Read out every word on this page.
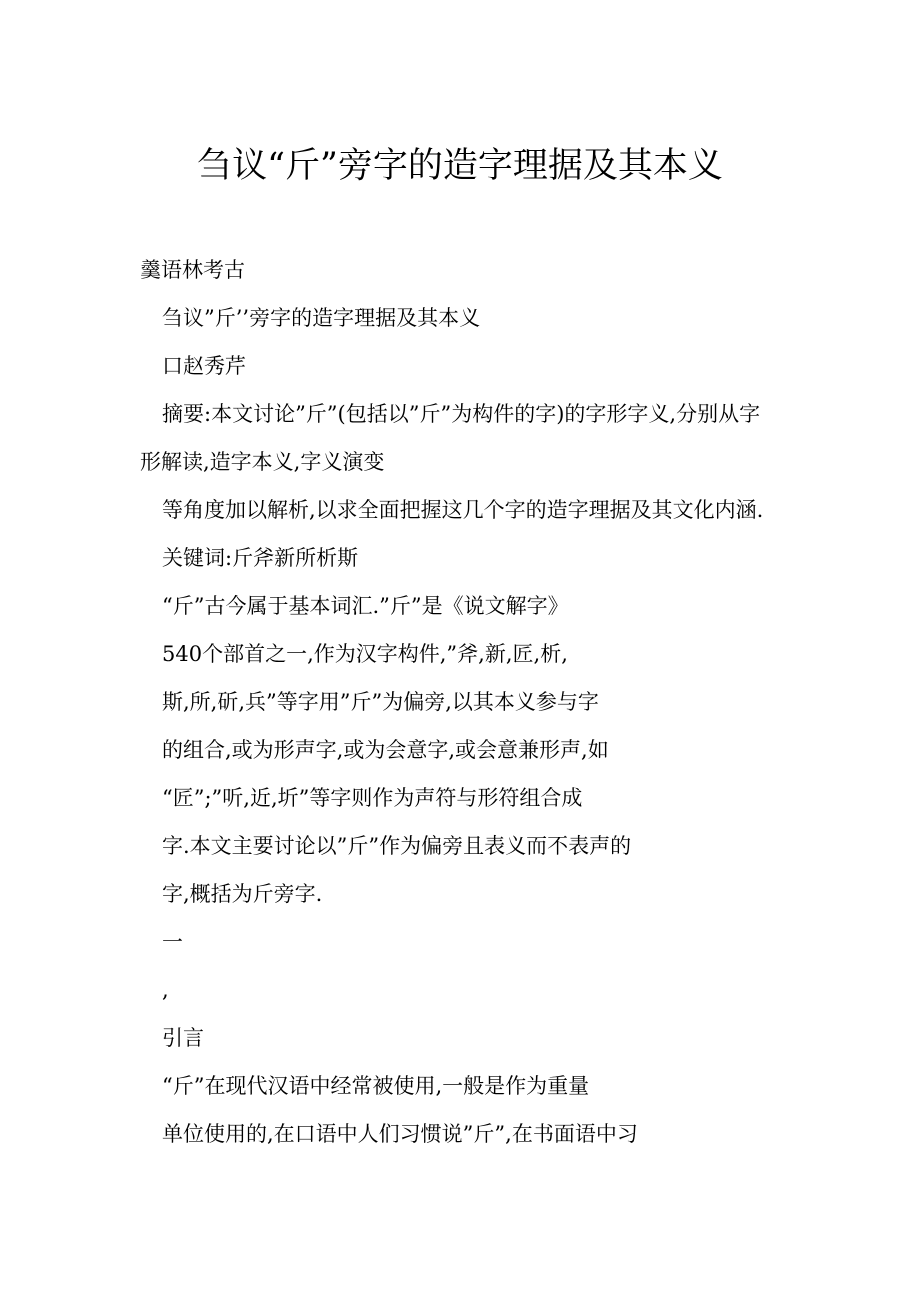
刍议“斤”旁字的造字理据及其本义

羹语林考古

刍议”斤’’旁字的造字理据及其本义

口赵秀芹

摘要:本文讨论”斤”(包括以”斤”为构件的字)的字形字义,分别从字

形解读,造字本义,字义演变

等角度加以解析,以求全面把握这几个字的造字理据及其文化内涵.

关键词:斤斧新所析斯

“斤”古今属于基本词汇.”斤”是《说文解字》

540个部首之一,作为汉字构件,”斧,新,匠,析,

斯,所,斫,兵”等字用”斤”为偏旁,以其本义参与字

的组合,或为形声字,或为会意字,或会意兼形声,如

“匠”;”听,近,圻”等字则作为声符与形符组合成

字.本文主要讨论以”斤”作为偏旁且表义而不表声的

字,概括为斤旁字.

一

,

引言

“斤”在现代汉语中经常被使用,一般是作为重量

单位使用的,在口语中人们习惯说”斤”,在书面语中习
